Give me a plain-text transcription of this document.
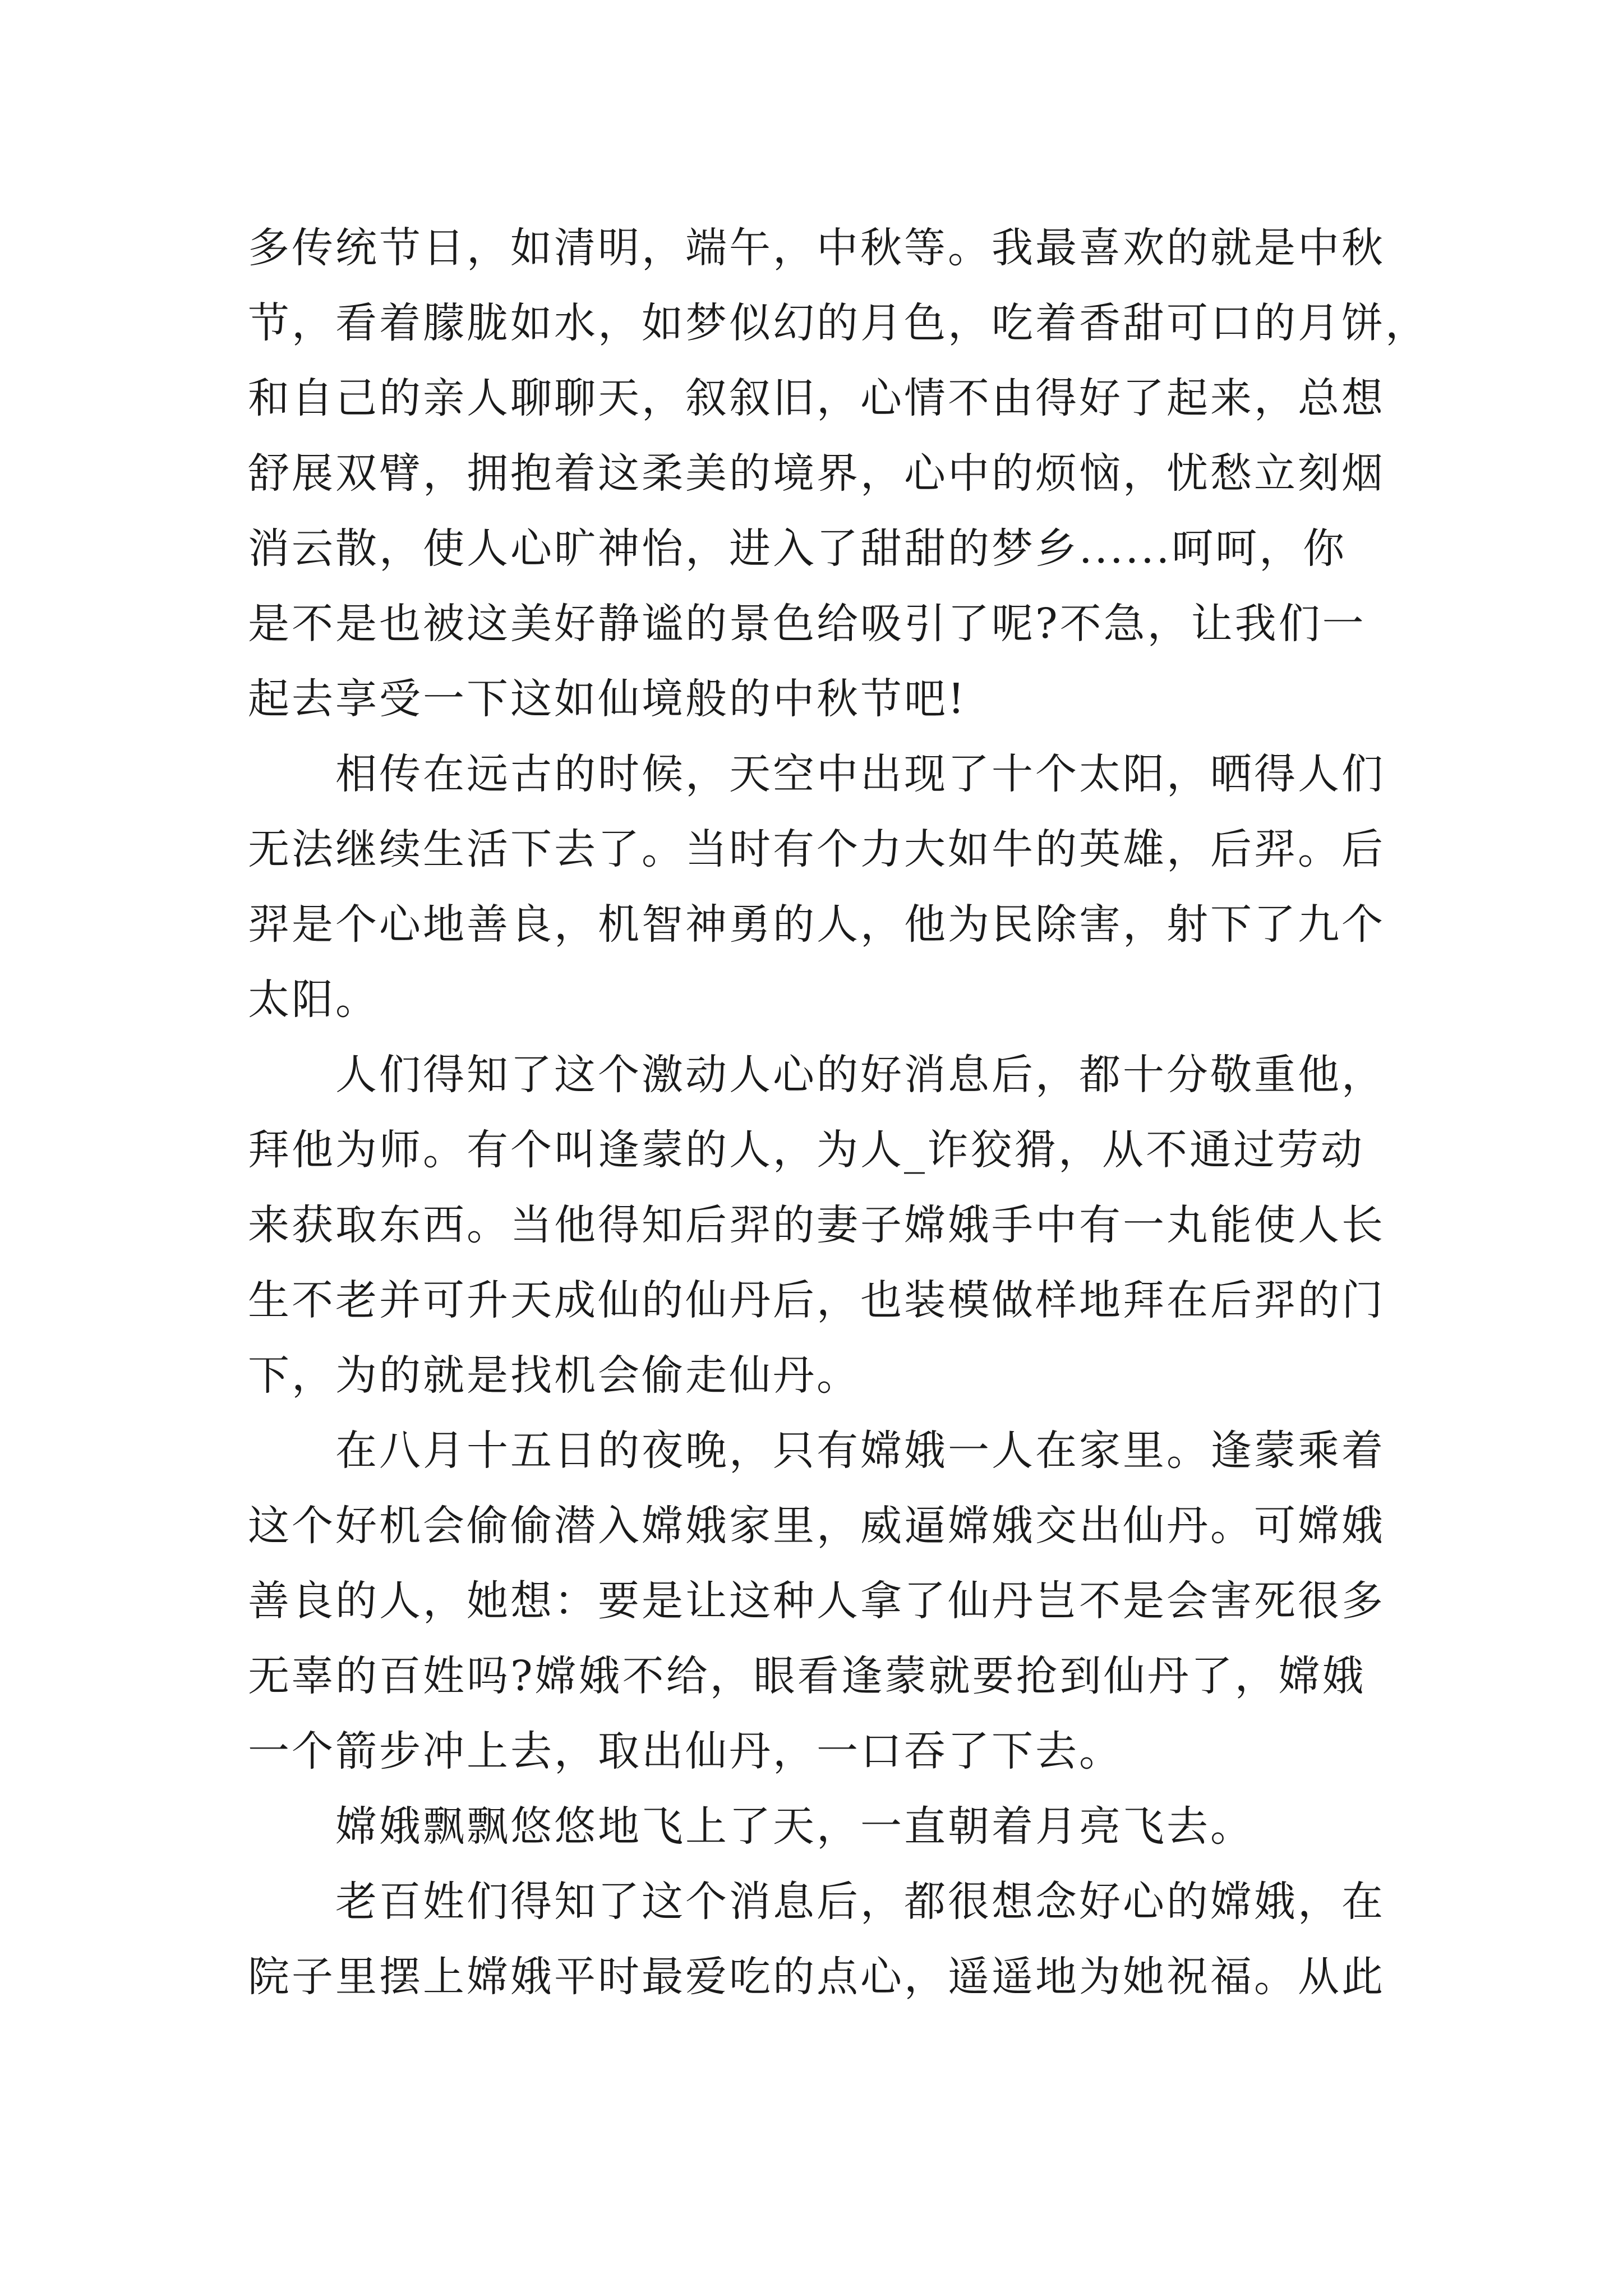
多传统节日，如清明，端午，中秋等。我最喜欢的就是中秋
节，看着朦胧如水，如梦似幻的月色，吃着香甜可口的月饼，
和自己的亲人聊聊天，叙叙旧，心情不由得好了起来，总想
舒展双臂，拥抱着这柔美的境界，心中的烦恼，忧愁立刻烟
消云散，使人心旷神怡，进入了甜甜的梦乡......呵呵，你
是不是也被这美好静谧的景色给吸引了呢?不急，让我们一
起去享受一下这如仙境般的中秋节吧!
相传在远古的时候，天空中出现了十个太阳，晒得人们
无法继续生活下去了。当时有个力大如牛的英雄，后羿。后
羿是个心地善良，机智神勇的人，他为民除害，射下了九个
太阳。
人们得知了这个激动人心的好消息后，都十分敬重他，
拜他为师。有个叫逢蒙的人，为人_诈狡猾，从不通过劳动
来获取东西。当他得知后羿的妻子嫦娥手中有一丸能使人长
生不老并可升天成仙的仙丹后，也装模做样地拜在后羿的门
下，为的就是找机会偷走仙丹。
在八月十五日的夜晚，只有嫦娥一人在家里。逢蒙乘着
这个好机会偷偷潜入嫦娥家里，威逼嫦娥交出仙丹。可嫦娥
善良的人，她想：要是让这种人拿了仙丹岂不是会害死很多
无辜的百姓吗?嫦娥不给，眼看逢蒙就要抢到仙丹了，嫦娥
一个箭步冲上去，取出仙丹，一口吞了下去。
嫦娥飘飘悠悠地飞上了天，一直朝着月亮飞去。
老百姓们得知了这个消息后，都很想念好心的嫦娥，在
院子里摆上嫦娥平时最爱吃的点心，遥遥地为她祝福。从此
